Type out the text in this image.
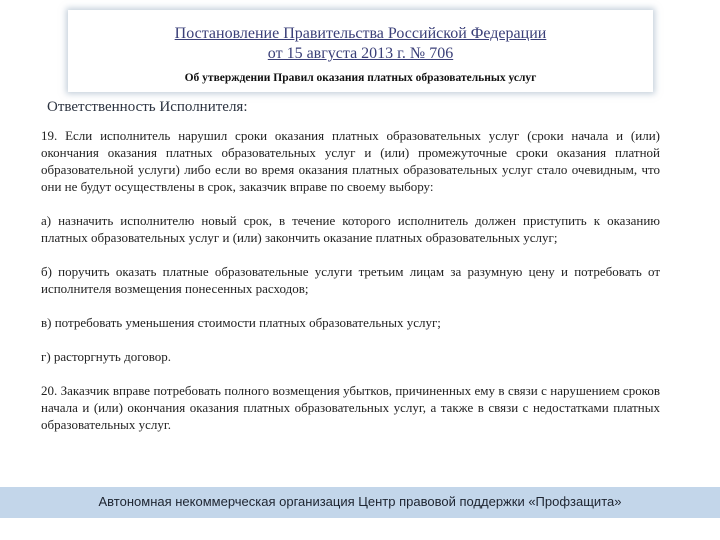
Постановление Правительства Российской Федерации
от 15 августа 2013 г. № 706
Об утверждении Правил оказания платных образовательных услуг
Ответственность Исполнителя:

19. Если исполнитель нарушил сроки оказания платных образовательных услуг (сроки начала и (или) окончания оказания платных образовательных услуг и (или) промежуточные сроки оказания платной образовательной услуги) либо если во время оказания платных образовательных услуг стало очевидным, что они не будут осуществлены в срок, заказчик вправе по своему выбору:

а) назначить исполнителю новый срок, в течение которого исполнитель должен приступить к оказанию платных образовательных услуг и (или) закончить оказание платных образовательных услуг;

б) поручить оказать платные образовательные услуги третьим лицам за разумную цену и потребовать от исполнителя возмещения понесенных расходов;

в) потребовать уменьшения стоимости платных образовательных услуг;

г) расторгнуть договор.

20. Заказчик вправе потребовать полного возмещения убытков, причиненных ему в связи с нарушением сроков начала и (или) окончания оказания платных образовательных услуг, а также в связи с недостатками платных образовательных услуг.

Автономная некоммерческая организация Центр правовой поддержки «Профзащита»
